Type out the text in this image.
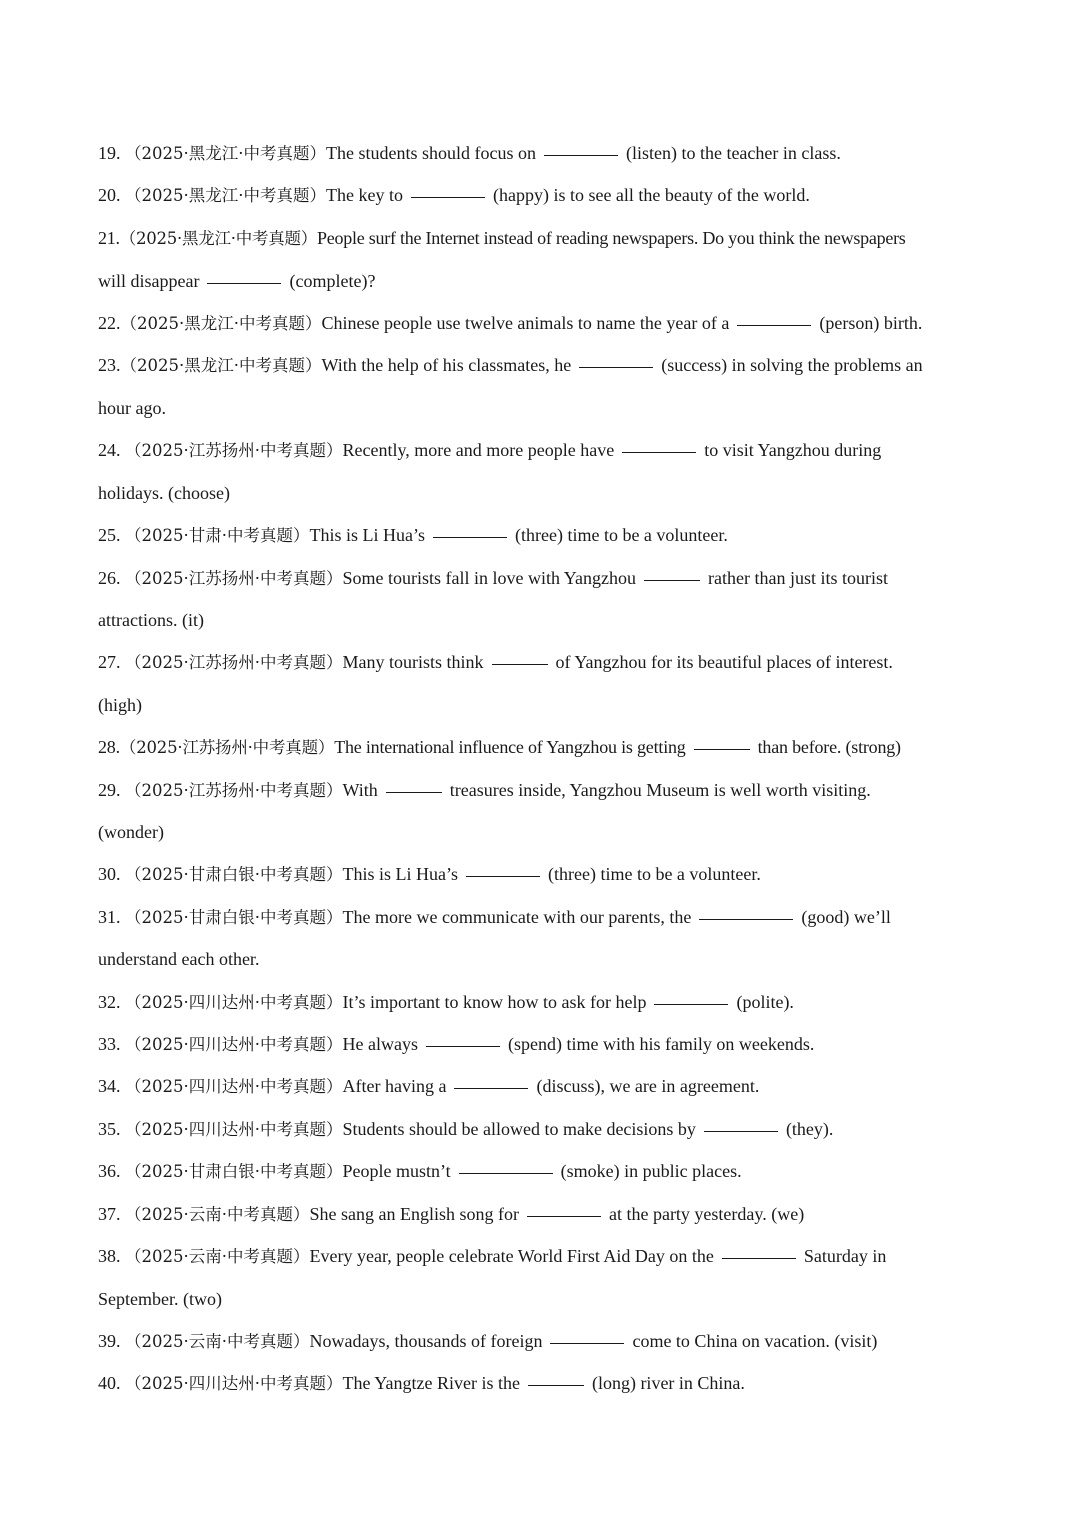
19. （2025·黑龙江·中考真题）The students should focus on	(listen) to the teacher in class.
20. （2025·黑龙江·中考真题）The key to	(happy) is to see all the beauty of the world.
21.（2025·黑龙江·中考真题）People surf the Internet instead of reading newspapers. Do you think the newspapers
will disappear	(complete)?
22.（2025·黑龙江·中考真题）Chinese people use twelve animals to name the year of a	(person) birth.
23.（2025·黑龙江·中考真题）With the help of his classmates, he	(success) in solving the problems an
hour ago.
24. （2025·江苏扬州·中考真题）Recently, more and more people have	to visit Yangzhou during
holidays. (choose)
25. （2025·甘肃·中考真题）This is Li Hua’s	(three) time to be a volunteer.
26. （2025·江苏扬州·中考真题）Some tourists fall in love with Yangzhou	rather than just its tourist
attractions. (it)
27. （2025·江苏扬州·中考真题）Many tourists think	of Yangzhou for its beautiful places of interest.
(high)
28.（2025·江苏扬州·中考真题）The international influence of Yangzhou is getting	than before. (strong)
29. （2025·江苏扬州·中考真题）With	treasures inside, Yangzhou Museum is well worth visiting.
(wonder)
30. （2025·甘肃白银·中考真题）This is Li Hua’s	(three) time to be a volunteer.
31. （2025·甘肃白银·中考真题）The more we communicate with our parents, the	(good) we’ll
understand each other.
32. （2025·四川达州·中考真题）It’s important to know how to ask for help	(polite).
33. （2025·四川达州·中考真题）He always	(spend) time with his family on weekends.
34. （2025·四川达州·中考真题）After having a	(discuss), we are in agreement.
35. （2025·四川达州·中考真题）Students should be allowed to make decisions by	(they).
36. （2025·甘肃白银·中考真题）People mustn’t	(smoke) in public places.
37. （2025·云南·中考真题）She sang an English song for	at the party yesterday. (we)
38. （2025·云南·中考真题）Every year, people celebrate World First Aid Day on the	Saturday in
September. (two)
39. （2025·云南·中考真题）Nowadays, thousands of foreign	come to China on vacation. (visit)
40. （2025·四川达州·中考真题）The Yangtze River is the	(long) river in China.
